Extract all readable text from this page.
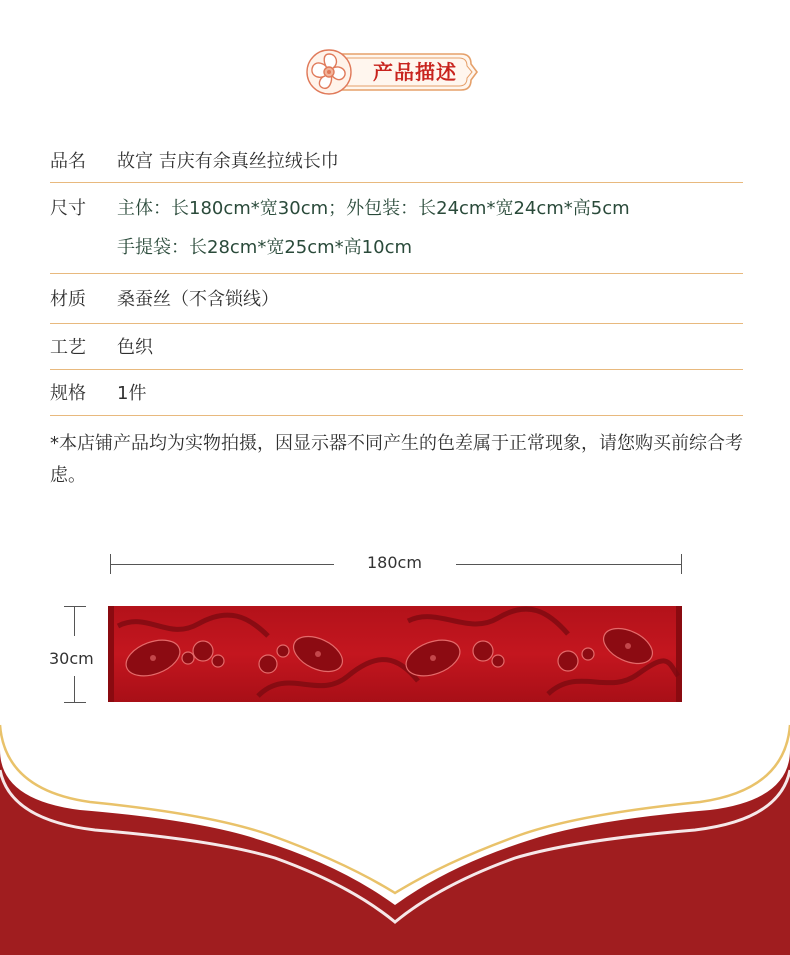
产品描述
品名 故宫 吉庆有余真丝拉绒长巾
尺寸 主体：长180cm*宽30cm；外包装：长24cm*宽24cm*高5cm
手提袋：长28cm*宽25cm*高10cm
材质 桑蚕丝（不含锁线）
工艺 色织
规格 1件
*本店铺产品均为实物拍摄，因显示器不同产生的色差属于正常现象，请您购买前综合考虑。
180cm
30cm
